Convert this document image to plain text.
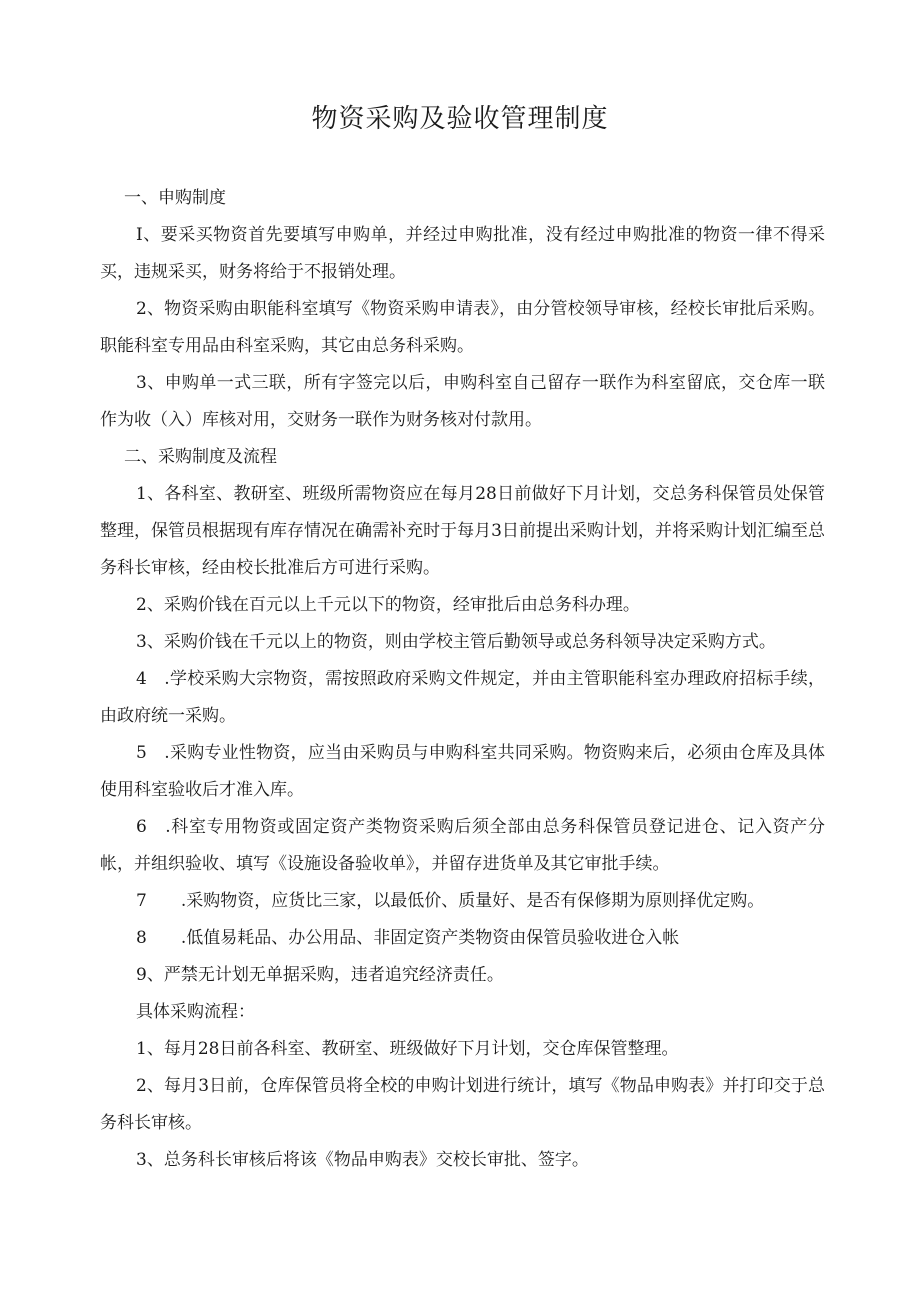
物资采购及验收管理制度

一、申购制度

I、要采买物资首先要填写申购单，并经过申购批准，没有经过申购批准的物资一律不得采买，违规采买，财务将给于不报销处理。

2、物资采购由职能科室填写《物资采购申请表》，由分管校领导审核，经校长审批后采购。职能科室专用品由科室采购，其它由总务科采购。

3、申购单一式三联，所有字签完以后，申购科室自己留存一联作为科室留底，交仓库一联作为收（入）库核对用，交财务一联作为财务核对付款用。

二、采购制度及流程

1、各科室、教研室、班级所需物资应在每月28日前做好下月计划，交总务科保管员处保管整理，保管员根据现有库存情况在确需补充时于每月3日前提出采购计划，并将采购计划汇编至总务科长审核，经由校长批准后方可进行采购。

2、采购价钱在百元以上千元以下的物资，经审批后由总务科办理。

3、采购价钱在千元以上的物资，则由学校主管后勤领导或总务科领导决定采购方式。

4　.学校采购大宗物资，需按照政府采购文件规定，并由主管职能科室办理政府招标手续，由政府统一采购。

5　.采购专业性物资，应当由采购员与申购科室共同采购。物资购来后，必须由仓库及具体使用科室验收后才准入库。

6　.科室专用物资或固定资产类物资采购后须全部由总务科保管员登记进仓、记入资产分帐，并组织验收、填写《设施设备验收单》，并留存进货单及其它审批手续。

7　　.采购物资，应货比三家，以最低价、质量好、是否有保修期为原则择优定购。

8　　.低值易耗品、办公用品、非固定资产类物资由保管员验收进仓入帐

9、严禁无计划无单据采购，违者追究经济责任。

具体采购流程：

1、每月28日前各科室、教研室、班级做好下月计划，交仓库保管整理。

2、每月3日前，仓库保管员将全校的申购计划进行统计，填写《物品申购表》并打印交于总务科长审核。

3、总务科长审核后将该《物品申购表》交校长审批、签字。
